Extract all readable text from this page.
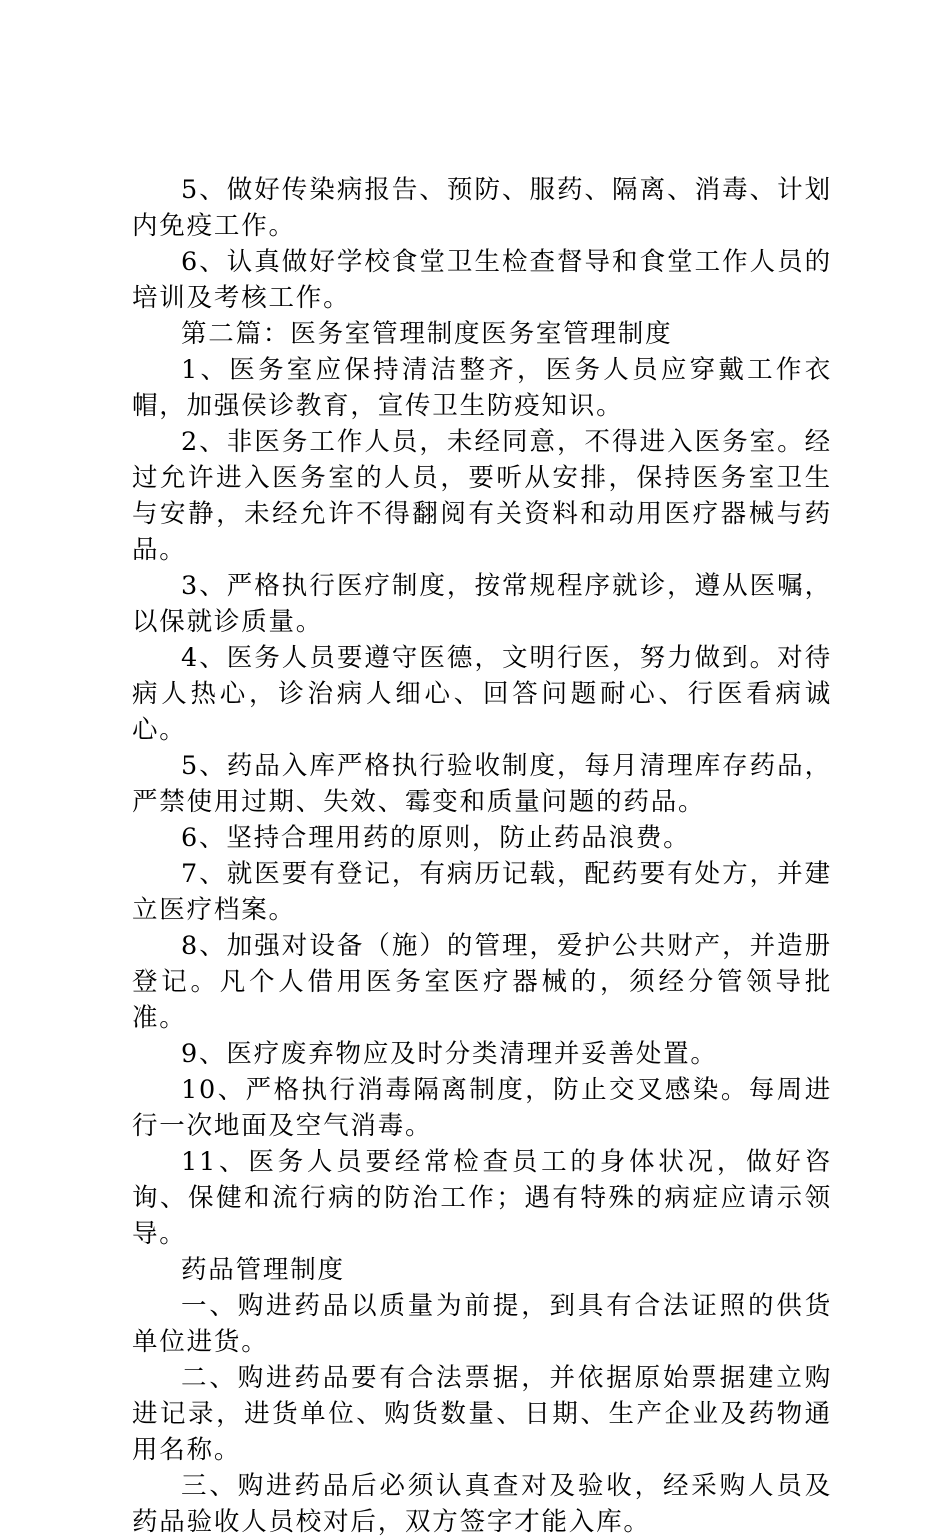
5、做好传染病报告、预防、服药、隔离、消毒、计划内免疫工作。

6、认真做好学校食堂卫生检查督导和食堂工作人员的培训及考核工作。

第二篇：医务室管理制度医务室管理制度

1、医务室应保持清洁整齐，医务人员应穿戴工作衣帽，加强侯诊教育，宣传卫生防疫知识。

2、非医务工作人员，未经同意，不得进入医务室。经过允许进入医务室的人员，要听从安排，保持医务室卫生与安静，未经允许不得翻阅有关资料和动用医疗器械与药品。

3、严格执行医疗制度，按常规程序就诊，遵从医嘱，以保就诊质量。

4、医务人员要遵守医德，文明行医，努力做到。对待病人热心，诊治病人细心、回答问题耐心、行医看病诚心。

5、药品入库严格执行验收制度，每月清理库存药品，严禁使用过期、失效、霉变和质量问题的药品。

6、坚持合理用药的原则，防止药品浪费。

7、就医要有登记，有病历记载，配药要有处方，并建立医疗档案。

8、加强对设备（施）的管理，爱护公共财产，并造册登记。凡个人借用医务室医疗器械的，须经分管领导批准。

9、医疗废弃物应及时分类清理并妥善处置。

10、严格执行消毒隔离制度，防止交叉感染。每周进行一次地面及空气消毒。

11、医务人员要经常检查员工的身体状况，做好咨询、保健和流行病的防治工作；遇有特殊的病症应请示领导。

药品管理制度

一、购进药品以质量为前提，到具有合法证照的供货单位进货。

二、购进药品要有合法票据，并依据原始票据建立购进记录，进货单位、购货数量、日期、生产企业及药物通用名称。

三、购进药品后必须认真查对及验收，经采购人员及药品验收人员校对后，双方签字才能入库。
